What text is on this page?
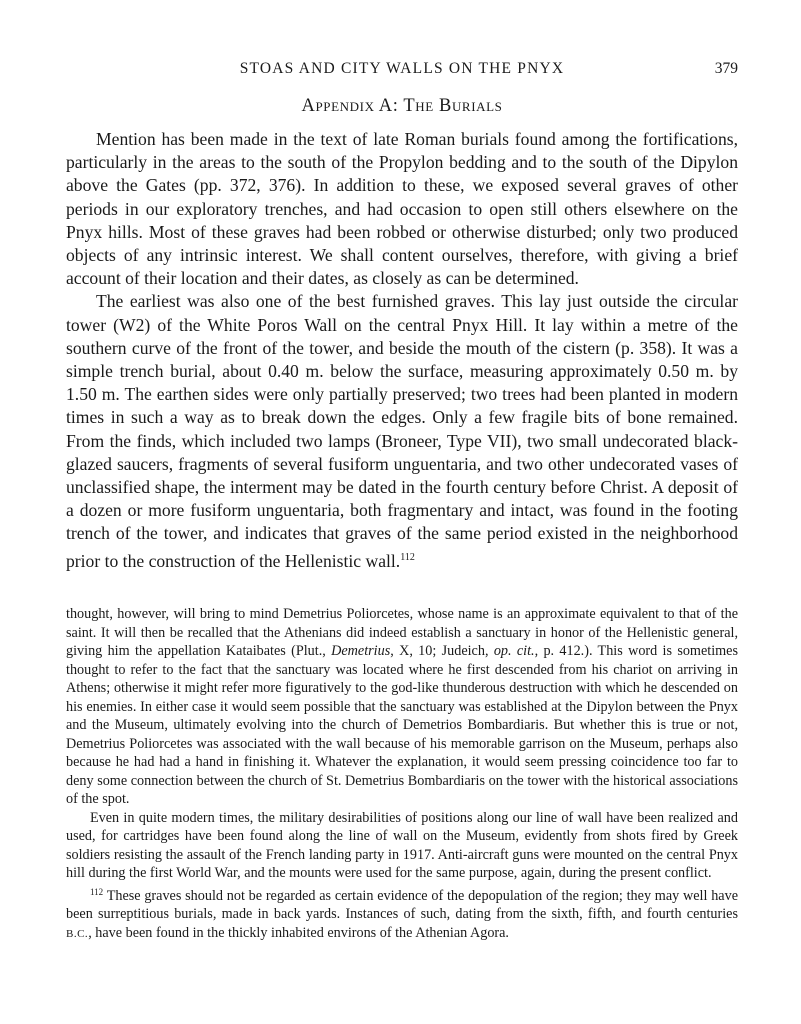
STOAS AND CITY WALLS ON THE PNYX	379
Appendix A: The Burials

Mention has been made in the text of late Roman burials found among the fortifications, particularly in the areas to the south of the Propylon bedding and to the south of the Dipylon above the Gates (pp. 372, 376). In addition to these, we exposed several graves of other periods in our exploratory trenches, and had occasion to open still others elsewhere on the Pnyx hills. Most of these graves had been robbed or otherwise disturbed; only two produced objects of any intrinsic interest. We shall content ourselves, therefore, with giving a brief account of their location and their dates, as closely as can be determined.

The earliest was also one of the best furnished graves. This lay just outside the circular tower (W2) of the White Poros Wall on the central Pnyx Hill. It lay within a metre of the southern curve of the front of the tower, and beside the mouth of the cistern (p. 358). It was a simple trench burial, about 0.40 m. below the surface, measuring approximately 0.50 m. by 1.50 m. The earthen sides were only partially preserved; two trees had been planted in modern times in such a way as to break down the edges. Only a few fragile bits of bone remained. From the finds, which included two lamps (Broneer, Type VII), two small undecorated black-glazed saucers, fragments of several fusiform unguentaria, and two other undecorated vases of unclassified shape, the interment may be dated in the fourth century before Christ. A deposit of a dozen or more fusiform unguentaria, both fragmentary and intact, was found in the footing trench of the tower, and indicates that graves of the same period existed in the neighborhood prior to the construction of the Hellenistic wall.$^{112}$

thought, however, will bring to mind Demetrius Poliorcetes, whose name is an approximate equivalent to that of the saint. It will then be recalled that the Athenians did indeed establish a sanctuary in honor of the Hellenistic general, giving him the appellation Kataibates (Plut., Demetrius, X, 10; Judeich, op. cit., p. 412.). This word is sometimes thought to refer to the fact that the sanctuary was located where he first descended from his chariot on arriving in Athens; otherwise it might refer more figuratively to the god-like thunderous destruction with which he descended on his enemies. In either case it would seem possible that the sanctuary was established at the Dipylon between the Pnyx and the Museum, ultimately evolving into the church of Demetrios Bombardiaris. But whether this is true or not, Demetrius Poliorcetes was associated with the wall because of his memorable garrison on the Museum, perhaps also because he had had a hand in finishing it. Whatever the explanation, it would seem pressing coincidence too far to deny some connection between the church of St. Demetrius Bombardiaris on the tower with the historical associations of the spot.

Even in quite modern times, the military desirabilities of positions along our line of wall have been realized and used, for cartridges have been found along the line of wall on the Museum, evidently from shots fired by Greek soldiers resisting the assault of the French landing party in 1917. Anti-aircraft guns were mounted on the central Pnyx hill during the first World War, and the mounts were used for the same purpose, again, during the present conflict.

$^{112}$ These graves should not be regarded as certain evidence of the depopulation of the region; they may well have been surreptitious burials, made in back yards. Instances of such, dating from the sixth, fifth, and fourth centuries B.C., have been found in the thickly inhabited environs of the Athenian Agora.
